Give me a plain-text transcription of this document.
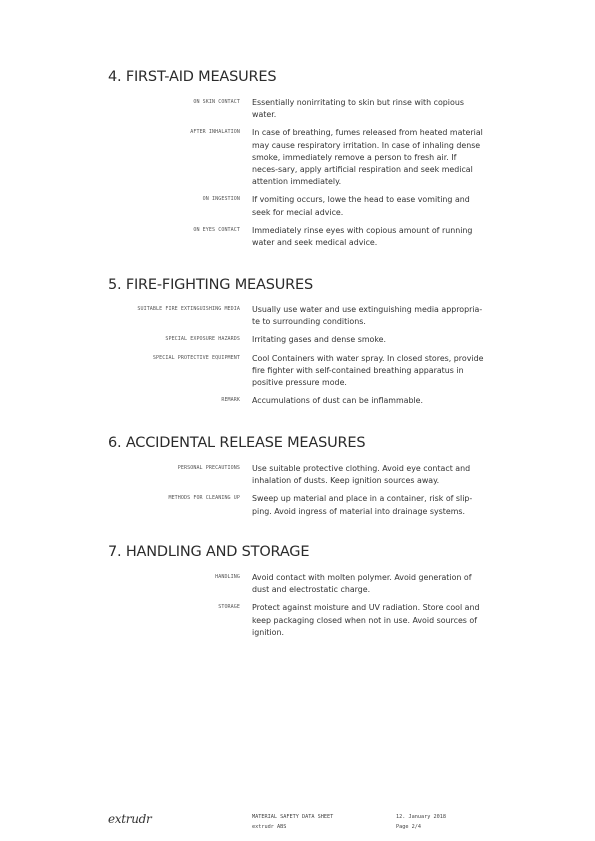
4. FIRST-AID MEASURES
ON SKIN CONTACT Essentially nonirritating to skin but rinse with copious water.
AFTER INHALATION In case of breathing, fumes released from heated material may cause respiratory irritation. In case of inhaling dense smoke, immediately remove a person to fresh air. If neces-sary, apply artificial respiration and seek medical attention immediately.
ON INGESTION If vomiting occurs, lowe the head to ease vomiting and seek for mecial advice.
ON EYES CONTACT Immediately rinse eyes with copious amount of running water and seek medical advice.
5. FIRE-FIGHTING MEASURES
SUITABLE FIRE EXTINGUISHING MEDIA Usually use water and use extinguishing media appropria-te to surrounding conditions.
SPECIAL EXPOSURE HAZARDS Irritating gases and dense smoke.
SPECIAL PROTECTIVE EQUIPMENT Cool Containers with water spray. In closed stores, provide fire fighter with self-contained breathing apparatus in positive pressure mode.
REMARK Accumulations of dust can be inflammable.
6. ACCIDENTAL RELEASE MEASURES
PERSONAL PRECAUTIONS Use suitable protective clothing. Avoid eye contact and inhalation of dusts. Keep ignition sources away.
METHODS FOR CLEANING UP Sweep up material and place in a container, risk of slip-ping. Avoid ingress of material into drainage systems.
7. HANDLING AND STORAGE
HANDLING Avoid contact with molten polymer. Avoid generation of dust and electrostatic charge.
STORAGE Protect against moisture and UV radiation. Store cool and keep packaging closed when not in use. Avoid sources of ignition.
extrudr	MATERIAL SAFETY DATA SHEET
extrudr ABS
12. January 2018
Page 2/4
